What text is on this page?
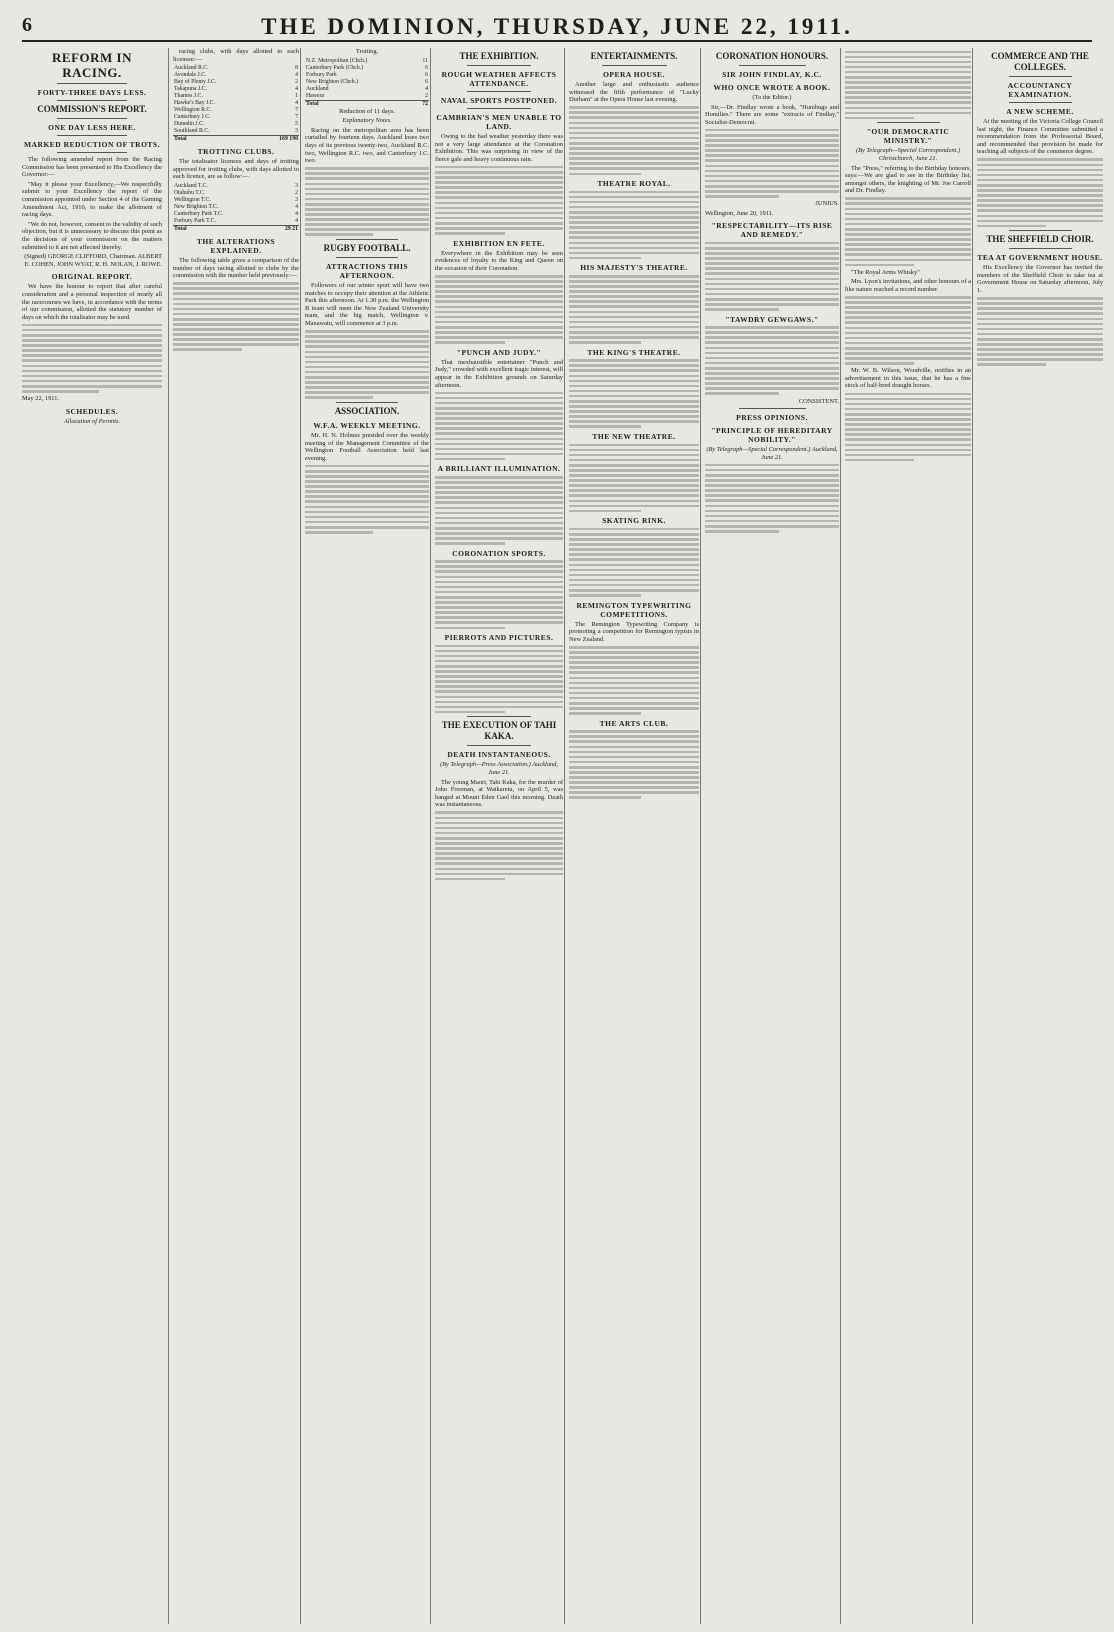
6	THE DOMINION, THURSDAY, JUNE 22, 1911.
REFORM IN RACING.
FORTY-THREE DAYS LESS.
COMMISSION'S REPORT.
ONE DAY LESS HERE.
MARKED REDUCTION OF TROTS.

The following amended report from the Racing Commission has been presented to His Excellency the Governor:—

"May it please your Excellency,—We respectfully submit to your Excellency the report of the commission appointed under Section 4 of the Gaming Amendment Act, 1910, to make the allotment of racing days.

"We do not, however, consent to the validity of such objection, but it is unnecessary to discuss this point as the decisions of your commission on the matters submitted to it are not affected thereby.

(Signed) GEORGE CLIFFORD, Chairman. ALBERT E. COHEN, JOHN WYAT, R. H. NOLAN, J. ROWE.

ORIGINAL REPORT.

We have the honour to report that after careful consideration and a personal inspection of nearly all the racecourses we have, in accordance with the terms of our commission, allotted the statutory number of days on which the totalisator may be used.

May 22, 1911.

SCHEDULES.

Allocation of Permits.

racing clubs, with days allotted to each licensee:—

Auckland R.C.	8
Avondale J.C.	4
Bay of Plenty J.C.	2
Takapuna J.C.	4
Thames J.C.	1
Hawke's Bay J.C.	4
Wellington R.C.	7
Canterbury J.C.	7
Dunedin J.C.	5
Southland R.C.	3
Total	169 190
TROTTING CLUBS.

The totalisator licences and days of trotting approved for trotting clubs, with days allotted to each licence, are as follow:—

Auckland T.C.	3
Otahuhu T.C.	2
Wellington T.C.	3
New Brighton T.C.	4
Canterbury Park T.C.	4
Forbury Park T.C.	4
Total	29 21
THE ALTERATIONS EXPLAINED.

The following table gives a comparison of the number of days racing allotted to clubs by the commission with the number held previously:—

Trotting.

N.Z. Metropolitan (Chch.)	11
Canterbury Park (Chch.)	6
Forbury Park	6
New Brighton (Chch.)	6
Auckland	4
Hawera	2
Total	72

Reduction of 11 days.

Explanatory Notes.

Racing on the metropolitan area has been curtailed by fourteen days. Auckland loses two days of its previous twenty-two, Auckland R.C. two, Wellington R.C. two, and Canterbury J.C. two.

RUGBY FOOTBALL.
ATTRACTIONS THIS AFTERNOON.

Followers of our winter sport will have two matches to occupy their attention at the Athletic Park this afternoon. At 1.30 p.m. the Wellington B team will meet the New Zealand University team, and the big match, Wellington v. Manawatu, will commence at 3 p.m.

ASSOCIATION.
W.F.A. WEEKLY MEETING.

Mr. H. N. Holmes presided over the weekly meeting of the Management Committee of the Wellington Football Association held last evening.

THE EXHIBITION.
ROUGH WEATHER AFFECTS ATTENDANCE.
NAVAL SPORTS POSTPONED.
CAMBRIAN'S MEN UNABLE TO LAND.

Owing to the bad weather yesterday there was not a very large attendance at the Coronation Exhibition. This was surprising in view of the fierce gale and heavy continuous rain.

EXHIBITION EN FETE.

Everywhere in the Exhibition may be seen evidences of loyalty to the King and Queen on the occasion of their Coronation.

"PUNCH AND JUDY."

That inexhaustible entertainer "Punch and Judy," crowded with excellent tragic interest, will appear in the Exhibition grounds on Saturday afternoon.

A BRILLIANT ILLUMINATION.
CORONATION SPORTS.
PIERROTS AND PICTURES.
THE EXECUTION OF TAHI KAKA.
DEATH INSTANTANEOUS.

(By Telegraph—Press Association.) Auckland, June 21.

The young Maori, Tahi Kaka, for the murder of John Freeman, at Waikaretu, on April 5, was hanged at Mount Eden Gaol this morning. Death was instantaneous.

ENTERTAINMENTS.
OPERA HOUSE.

Another large and enthusiastic audience witnessed the fifth performance of "Lucky Durham" at the Opera House last evening.

THEATRE ROYAL.
HIS MAJESTY'S THEATRE.
THE KING'S THEATRE.
THE NEW THEATRE.
SKATING RINK.
REMINGTON TYPEWRITING COMPETITIONS.

The Remington Typewriting Company is promoting a competition for Remington typists in New Zealand.

THE ARTS CLUB.
CORONATION HONOURS.
SIR JOHN FINDLAY, K.C.
WHO ONCE WROTE A BOOK.

(To the Editor.)

Sir,—Dr. Findlay wrote a book, "Humbugs and Homilies." There are some "extracts of Findlay," Socialist-Democrat.

JUNIUS.

Wellington, June 20, 1911.

"RESPECTABILITY—ITS RISE AND REMEDY."
"TAWDRY GEWGAWS."

CONSISTENT.

PRESS OPINIONS.
"PRINCIPLE OF HEREDITARY NOBILITY."

(By Telegraph—Special Correspondent.) Auckland, June 21.

"OUR DEMOCRATIC MINISTRY."

(By Telegraph—Special Correspondent.) Christchurch, June 21.

The "Press," referring to the Birthday honours, says:—We are glad to see in the Birthday list, amongst others, the knighting of Mr. Joe Carroll and Dr. Findlay.

"The Royal Arms Whisky"

Mrs. Lyon's invitations, and other honours of a like nature reached a record number.

Mr. W. B. Wilson, Woodville, notifies in an advertisement in this issue, that he has a fine stock of half-bred draught horses.

COMMERCE AND THE COLLEGES.
ACCOUNTANCY EXAMINATION.
A NEW SCHEME.

At the meeting of the Victoria College Council last night, the Finance Committee submitted a recommendation from the Professorial Board, and recommended that provision be made for teaching all subjects of the commerce degree.

THE SHEFFIELD CHOIR.
TEA AT GOVERNMENT HOUSE.

His Excellency the Governor has invited the members of the Sheffield Choir to take tea at Government House on Saturday afternoon, July 1.
